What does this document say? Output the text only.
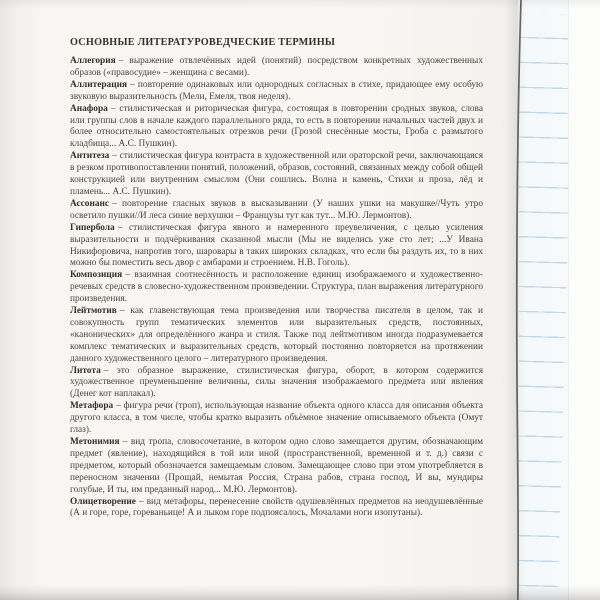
ОСНОВНЫЕ ЛИТЕРАТУРОВЕДЧЕСКИЕ ТЕРМИНЫ

Аллегория – выражение отвлечённых идей (понятий) посредством конкретных художественных образов («правосудие» – женщина с весами).

Аллитерация – повторение одинаковых или однородных согласных в стихе, придающее ему особую звуковую выразительность (Мели, Емеля, твоя неделя).

Анафора – стилистическая и риторическая фигура, состоящая в повторении сродных звуков, слова или группы слов в начале каждого параллельного ряда, то есть в повторении начальных частей двух и более относительно самостоятельных отрезков речи (Грозой снесённые мосты, Гроба с размытого кладбища... А.С. Пушкин).

Антитеза – стилистическая фигура контраста в художественной или ораторской речи, заключающаяся в резком противопоставлении понятий, положений, образов, состояний, связанных между собой общей конструкцией или внутренним смыслом (Они сошлись. Волна и камень, Стихи и проза, лёд и пламень... А.С. Пушкин).

Ассонанс – повторение гласных звуков в высказывании (У наших ушки на макушке//Чуть утро осветило пушки//И леса синие верхушки – Французы тут как тут... М.Ю. Лермонтов).

Гипербола – стилистическая фигура явного и намеренного преувеличения, с целью усиления выразительности и подчёркивания сказанной мысли (Мы не виделись уже сто лет; ...У Ивана Никифоровича, напротив того, шаровары в таких широких складках, что если бы раздуть их, то в них можно бы поместить весь двор с амбарами и строением. Н.В. Гоголь).

Композиция – взаимная соотнесённость и расположение единиц изображаемого и художественно-речевых средств в словесно-художественном произведении. Структура, план выражения литературного произведения.

Лейтмотив – как главенствующая тема произведения или творчества писателя в целом, так и совокупность групп тематических элементов или выразительных средств, постоянных, «канонических» для определённого жанра и стиля. Также под лейтмотивом иногда подразумевается комплекс тематических и выразительных средств, который постоянно повторяется на протяжении данного художественного целого – литературного произведения.

Литота – это образное выражение, стилистическая фигура, оборот, в котором содержится художественное преуменьшение величины, силы значения изображаемого предмета или явления (Денег кот наплакал).

Метафора – фигура речи (троп), использующая название объекта одного класса для описания объекта другого класса, в том числе, чтобы кратко выразить объёмное значение описываемого объекта (Омут глаз).

Метонимия – вид тропа, словосочетание, в котором одно слово замещается другим, обозначающим предмет (явление), находящийся в той или иной (пространственной, временной и т. д.) связи с предметом, который обозначается замещаемым словом. Замещающее слово при этом употребляется в переносном значении (Прощай, немытая Россия, Страна рабов, страна господ, И вы, мундиры голубые, И ты, им преданный народ... М.Ю. Лермонтов).

Олицетворение – вид метафоры, перенесение свойств одушевлённых предметов на неодушевлённые (А и горе, горе, гореваньице! А и лыком горе подпоясалось, Мочалами ноги изопутаны).
